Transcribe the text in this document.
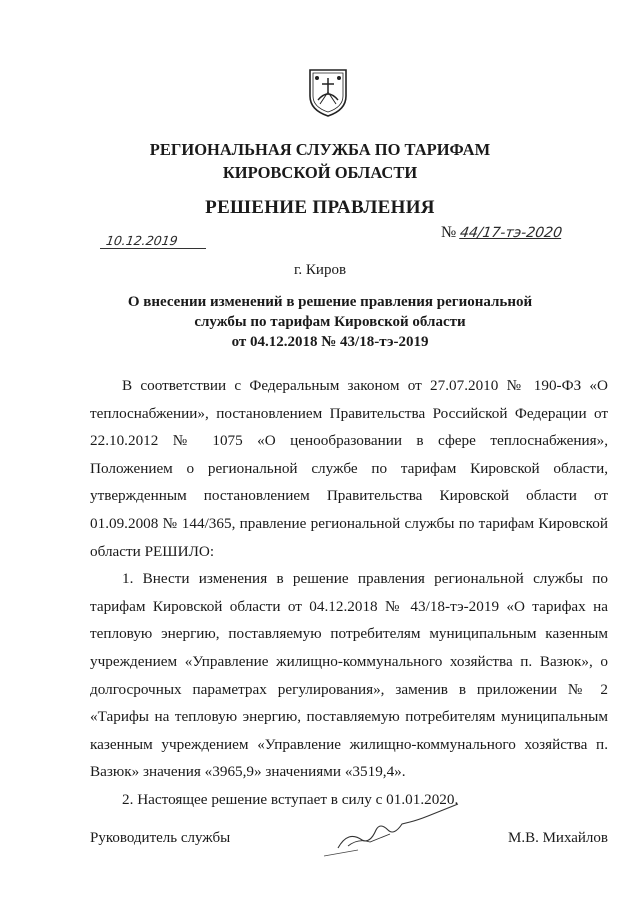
РЕГИОНАЛЬНАЯ СЛУЖБА ПО ТАРИФАМ
КИРОВСКОЙ ОБЛАСТИ
РЕШЕНИЕ ПРАВЛЕНИЯ
10.12.2019	№ 44/17-тэ-2020
г. Киров
О внесении изменений в решение правления региональной
службы по тарифам Кировской области
от 04.12.2018 № 43/18-тэ-2019

В соответствии с Федеральным законом от 27.07.2010 № 190-ФЗ «О теплоснабжении», постановлением Правительства Российской Федерации от 22.10.2012 № 1075 «О ценообразовании в сфере теплоснабжения», Положением о региональной службе по тарифам Кировской области, утвержденным постановлением Правительства Кировской области от 01.09.2008 № 144/365, правление региональной службы по тарифам Кировской области РЕШИЛО:

1. Внести изменения в решение правления региональной службы по тарифам Кировской области от 04.12.2018 № 43/18-тэ-2019 «О тарифах на тепловую энергию, поставляемую потребителям муниципальным казенным учреждением «Управление жилищно-коммунального хозяйства п. Вазюк», о долгосрочных параметрах регулирования», заменив в приложении № 2 «Тарифы на тепловую энергию, поставляемую потребителям муниципальным казенным учреждением «Управление жилищно-коммунального хозяйства п. Вазюк» значения «3965,9» значениями «3519,4».

2. Настоящее решение вступает в силу с 01.01.2020.

Руководитель службы	М.В. Михайлов
